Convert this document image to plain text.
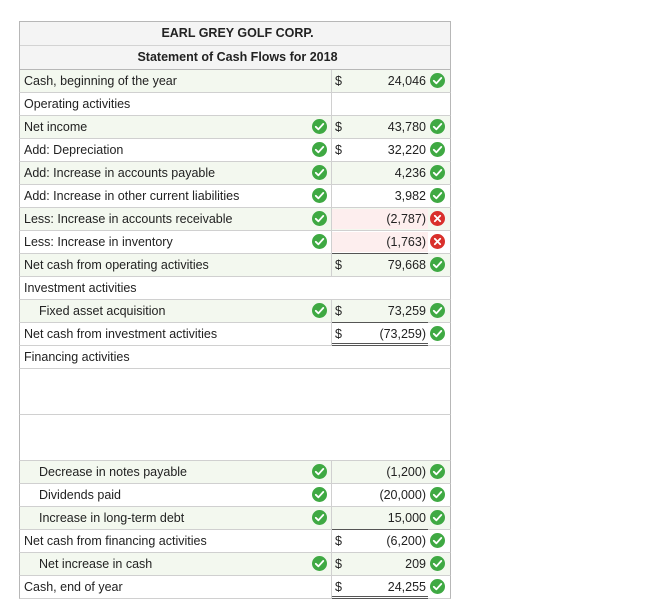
EARL GREY GOLF CORP.
Statement of Cash Flows for 2018
Cash, beginning of the year	$	24,046
Operating activities
Net income	$	43,780
Add: Depreciation	$	32,220
Add: Increase in accounts payable	4,236
Add: Increase in other current liabilities	3,982
Less: Increase in accounts receivable	(2,787)
Less: Increase in inventory	(1,763)
Net cash from operating activities	$	79,668
Investment activities
Fixed asset acquisition	$	73,259
Net cash from investment activities	$	(73,259)
Financing activities
Decrease in notes payable	(1,200)
Dividends paid	(20,000)
Increase in long-term debt	15,000
Net cash from financing activities	$	(6,200)
Net increase in cash	$	209
Cash, end of year	$	24,255
